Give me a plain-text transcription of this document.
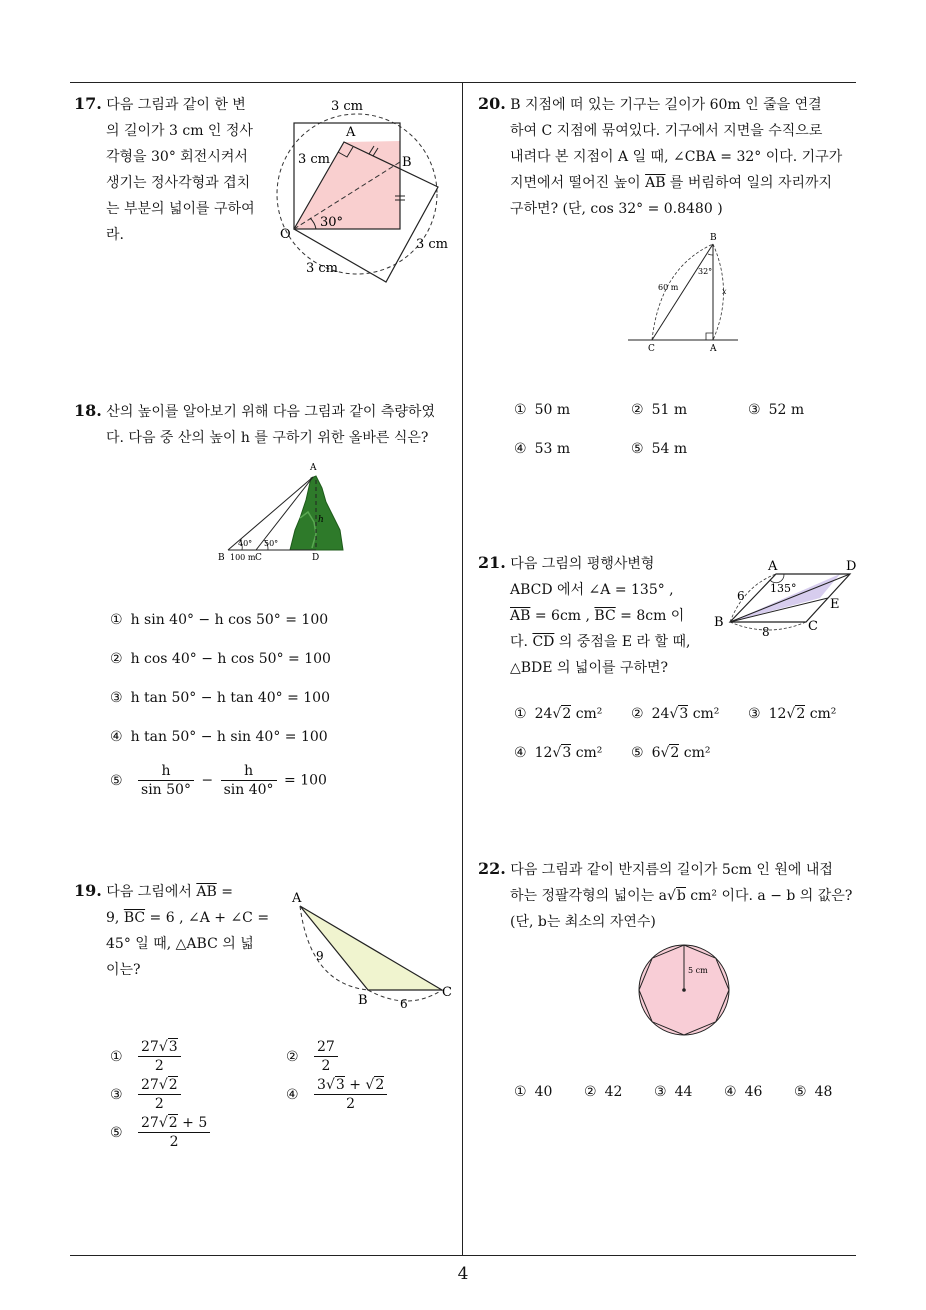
4
17. 다음 그림과 같이 한 변
의 길이가 3 cm 인 정사
각형을 30° 회전시켜서
생기는 정사각형과 겹치
는 부분의 넓이를 구하여
라.
3 cm
3 cm
3 cm
3 cm
A
B
O
30°
18. 산의 높이를 알아보기 위해 다음 그림과 같이 측량하였
다. 다음 중 산의 높이 h 를 구하기 위한 올바른 식은?
A
B	C	D
h
40° 50°
100 m
① h sin 40° − h cos 50° = 100
② h cos 40° − h cos 50° = 100
③ h tan 50° − h tan 40° = 100
④ h tan 50° − h sin 40° = 100
⑤ $\frac{h}{\sin 50^\circ} - \frac{h}{\sin 40^\circ} = 100$
19. 다음 그림에서 $\overline{AB}$ =
9, $\overline{BC} = 6$ , ∠A + ∠C =
45° 일 때, △ABC 의 넓
이는?
A
B
C
9
6
① $\frac{27√3}{2}$	② $\frac{27}{2}$
③ $\frac{27√2}{2}$	④ $\frac{3√3 + √2}{2}$
⑤ $\frac{27√2 + 5}{2}$
20. B 지점에 떠 있는 기구는 길이가 60m 인 줄을 연결
하여 C 지점에 묶여있다. 기구에서 지면을 수직으로
내려다 본 지점이 A 일 때, ∠CBA = 32° 이다. 기구가
지면에서 떨어진 높이 $\overline{AB}$ 를 버림하여 일의 자리까지
구하면? (단, cos 32° = 0.8480 )
B
C	A
60 m
32°
x
① 50 m	② 51 m	③ 52 m
④ 53 m	⑤ 54 m
21. 다음 그림의 평행사변형
ABCD 에서 ∠A = 135° ,
$\overline{AB} = 6cm$ , $\overline{BC} = 8cm$ 이
다. $\overline{CD}$ 의 중점을 E 라 할 때,
△BDE 의 넓이를 구하면?
A
B	C
D
E
135°
6
8
① 24√2 cm² ② 24√3 cm² ③ 12√2 cm²
④ 12√3 cm² ⑤ 6√2 cm²
22. 다음 그림과 같이 반지름의 길이가 5cm 인 원에 내접
하는 정팔각형의 넓이는 a√b cm² 이다. a − b 의 값은?
(단, b는 최소의 자연수)
5 cm
① 40 ② 42 ③ 44 ④ 46 ⑤ 48
